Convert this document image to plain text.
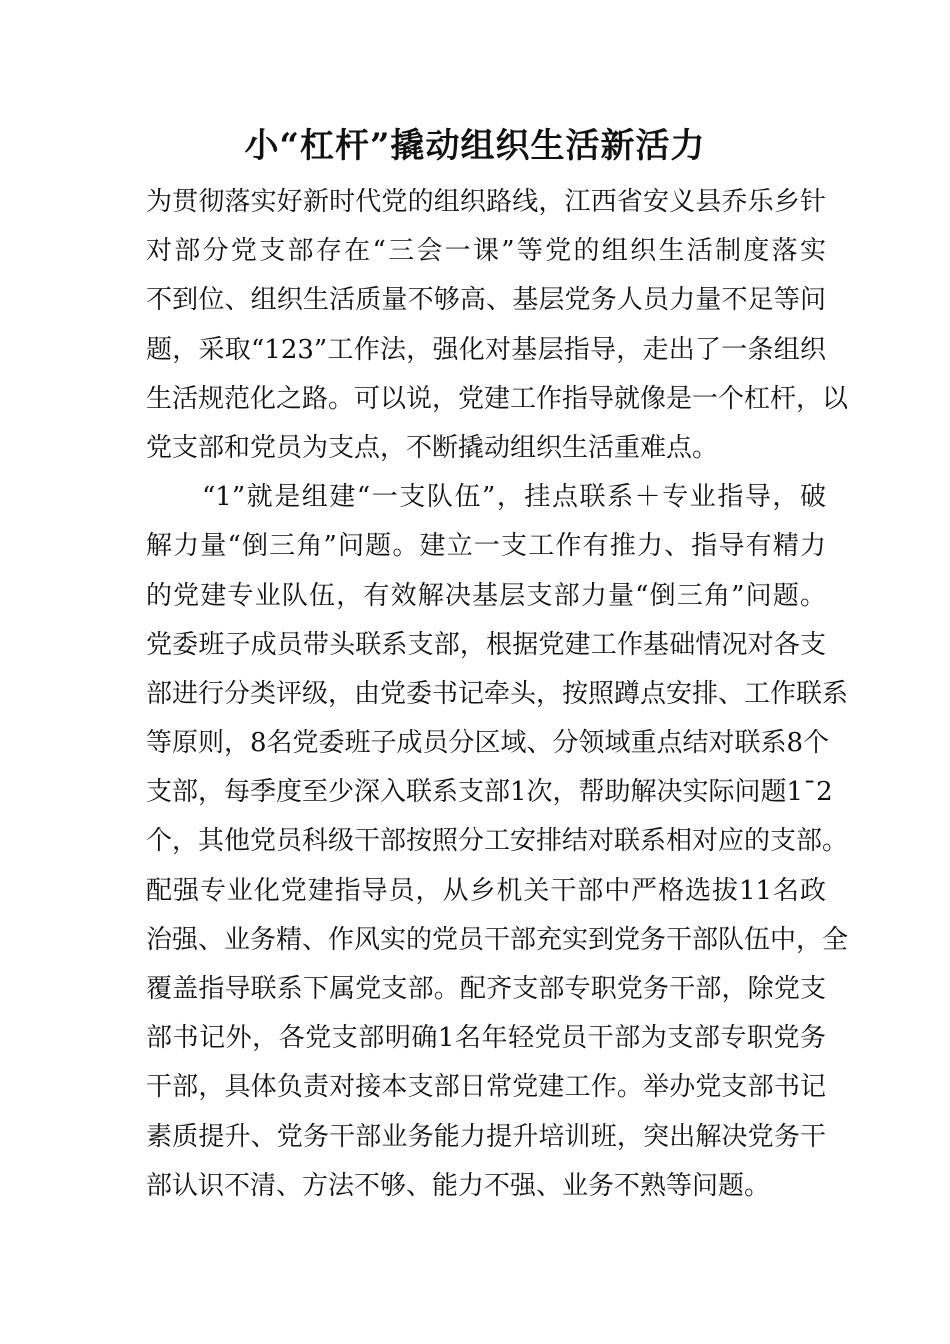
小“杠杆”撬动组织生活新活力
为贯彻落实好新时代党的组织路线，江西省安义县乔乐乡针
对部分党支部存在“三会一课”等党的组织生活制度落实
不到位、组织生活质量不够高、基层党务人员力量不足等问
题，采取“123”工作法，强化对基层指导，走出了一条组织
生活规范化之路。可以说，党建工作指导就像是一个杠杆，以
党支部和党员为支点，不断撬动组织生活重难点。
“1”就是组建“一支队伍”，挂点联系＋专业指导，破
解力量“倒三角”问题。建立一支工作有推力、指导有精力
的党建专业队伍，有效解决基层支部力量“倒三角”问题。
党委班子成员带头联系支部，根据党建工作基础情况对各支
部进行分类评级，由党委书记牵头，按照蹲点安排、工作联系
等原则，8名党委班子成员分区域、分领域重点结对联系8个
支部，每季度至少深入联系支部1次，帮助解决实际问题1¯2
个，其他党员科级干部按照分工安排结对联系相对应的支部。
配强专业化党建指导员，从乡机关干部中严格选拔11名政
治强、业务精、作风实的党员干部充实到党务干部队伍中，全
覆盖指导联系下属党支部。配齐支部专职党务干部，除党支
部书记外，各党支部明确1名年轻党员干部为支部专职党务
干部，具体负责对接本支部日常党建工作。举办党支部书记
素质提升、党务干部业务能力提升培训班，突出解决党务干
部认识不清、方法不够、能力不强、业务不熟等问题。
